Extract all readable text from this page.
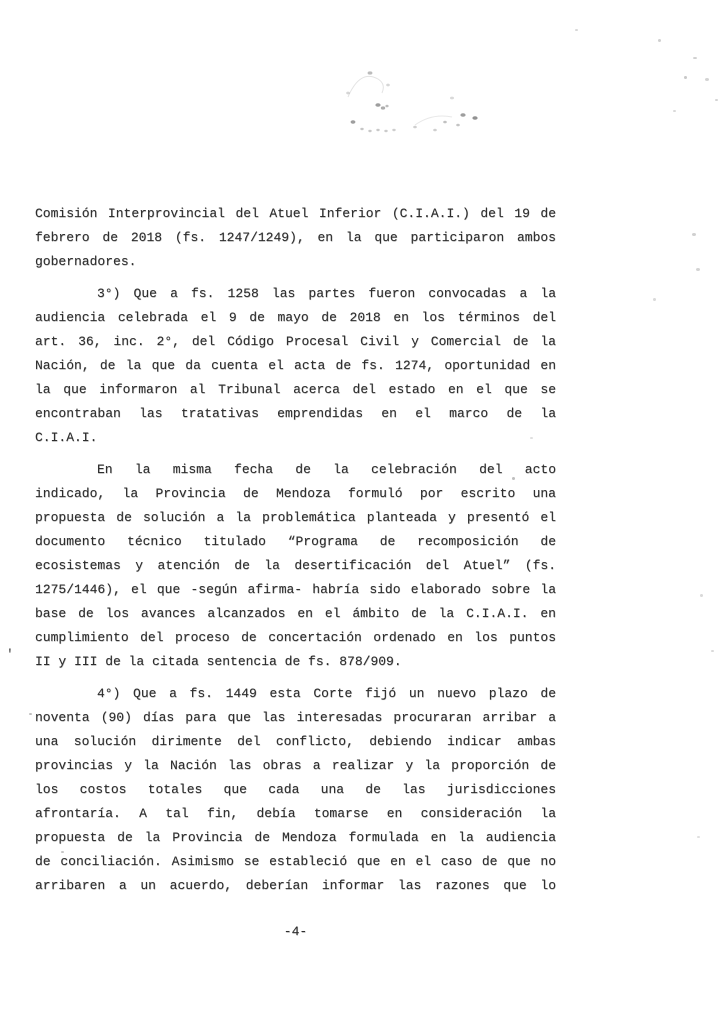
Comisión Interprovincial del Atuel Inferior (C.I.A.I.) del 19 de
febrero de 2018 (fs. 1247/1249), en la que participaron ambos
gobernadores.
3°) Que a fs. 1258 las partes fueron convocadas a la
audiencia celebrada el 9 de mayo de 2018 en los términos del
art. 36, inc. 2°, del Código Procesal Civil y Comercial de la
Nación, de la que da cuenta el acta de fs. 1274, oportunidad en
la que informaron al Tribunal acerca del estado en el que se
encontraban las tratativas emprendidas en el marco de la
C.I.A.I.
En la misma fecha de la celebración del acto
indicado, la Provincia de Mendoza formuló por escrito una
propuesta de solución a la problemática planteada y presentó el
documento técnico titulado “Programa de recomposición de
ecosistemas y atención de la desertificación del Atuel” (fs.
1275/1446), el que -según afirma- habría sido elaborado sobre la
base de los avances alcanzados en el ámbito de la C.I.A.I. en
cumplimiento del proceso de concertación ordenado en los puntos
II y III de la citada sentencia de fs. 878/909.
4°) Que a fs. 1449 esta Corte fijó un nuevo plazo de
noventa (90) días para que las interesadas procuraran arribar a
una solución dirimente del conflicto, debiendo indicar ambas
provincias y la Nación las obras a realizar y la proporción de
los costos totales que cada una de las jurisdicciones
afrontaría. A tal fin, debía tomarse en consideración la
propuesta de la Provincia de Mendoza formulada en la audiencia
de conciliación. Asimismo se estableció que en el caso de que no
arribaren a un acuerdo, deberían informar las razones que lo
'
-4-
